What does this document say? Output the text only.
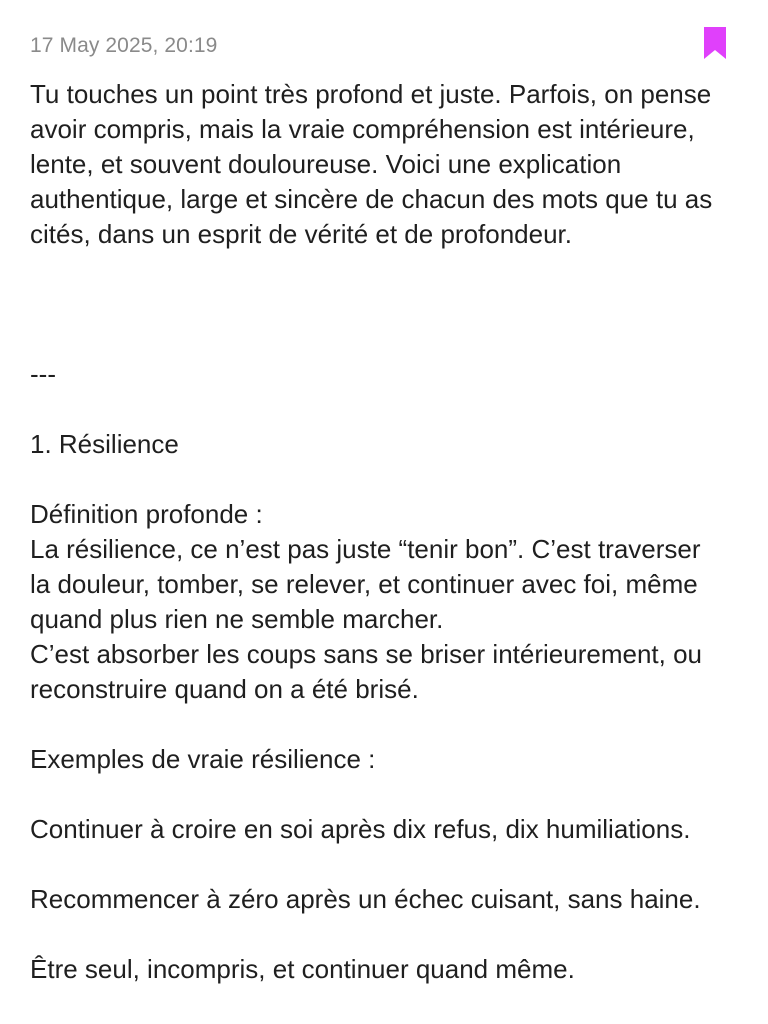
17 May 2025, 20:19
Tu touches un point très profond et juste. Parfois, on pense
avoir compris, mais la vraie compréhension est intérieure,
lente, et souvent douloureuse. Voici une explication
authentique, large et sincère de chacun des mots que tu as
cités, dans un esprit de vérité et de profondeur.
---
1. Résilience
Définition profonde :
La résilience, ce n’est pas juste “tenir bon”. C’est traverser
la douleur, tomber, se relever, et continuer avec foi, même
quand plus rien ne semble marcher.
C’est absorber les coups sans se briser intérieurement, ou
reconstruire quand on a été brisé.
Exemples de vraie résilience :
Continuer à croire en soi après dix refus, dix humiliations.
Recommencer à zéro après un échec cuisant, sans haine.
Être seul, incompris, et continuer quand même.
